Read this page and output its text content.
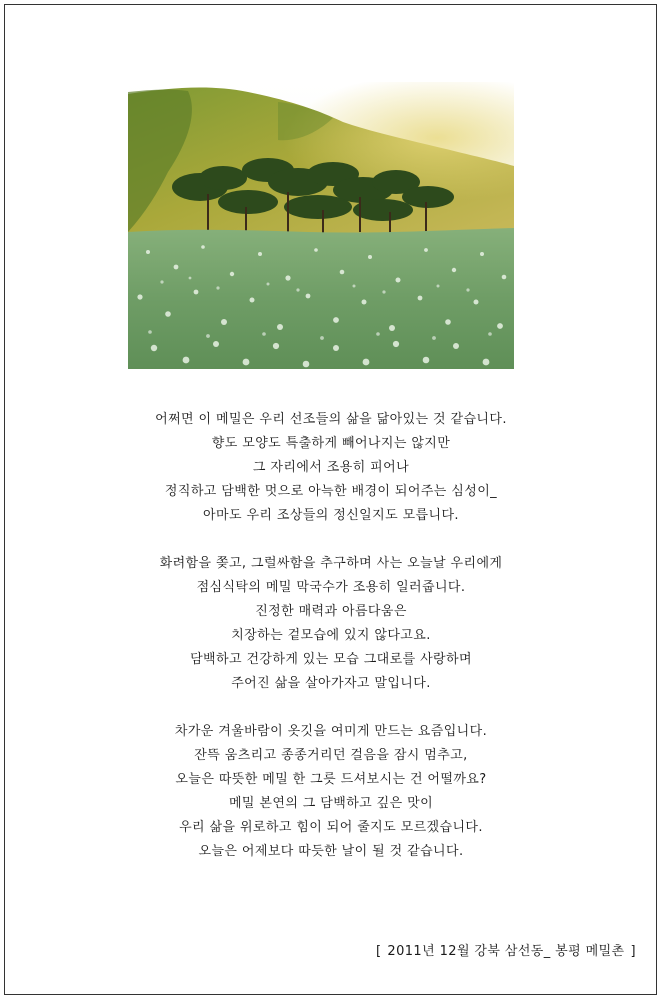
어쩌면 이 메밀은 우리 선조들의 삶을 닮아있는 것 같습니다.
향도 모양도 특출하게 빼어나지는 않지만
그 자리에서 조용히 피어나
정직하고 담백한 멋으로 아늑한 배경이 되어주는 심성이_
아마도 우리 조상들의 정신일지도 모릅니다.
화려함을 쫒고, 그럴싸함을 추구하며 사는 오늘날 우리에게
점심식탁의 메밀 막국수가 조용히 일러줍니다.
진정한 매력과 아름다움은
치장하는 겉모습에 있지 않다고요.
담백하고 건강하게 있는 모습 그대로를 사랑하며
주어진 삶을 살아가자고 말입니다.
차가운 겨울바람이 옷깃을 여미게 만드는 요즘입니다.
잔뜩 움츠리고 종종거리던 걸음을 잠시 멈추고,
오늘은 따뜻한 메밀 한 그릇 드셔보시는 건 어떨까요?
메밀 본연의 그 담백하고 깊은 맛이
우리 삶을 위로하고 힘이 되어 줄지도 모르겠습니다.
오늘은 어제보다 따듯한 날이 될 것 같습니다.
[ 2011년 12월 강북 삼선동_ 봉평 메밀촌 ]
